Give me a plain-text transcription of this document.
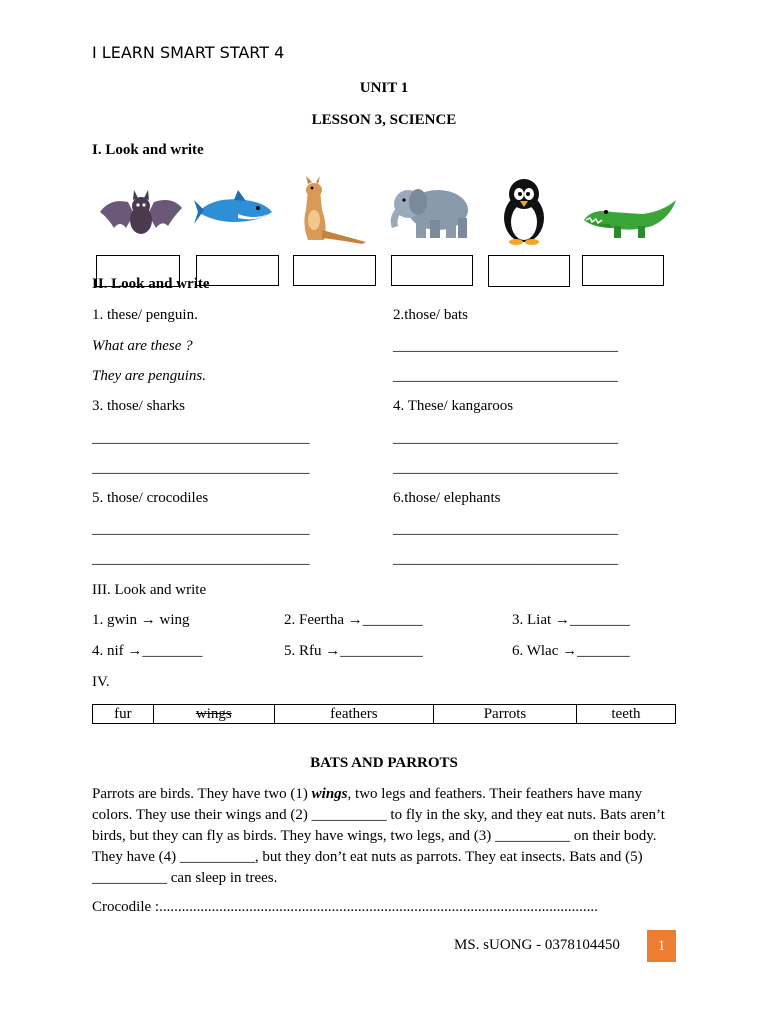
I LEARN SMART START 4
UNIT 1
LESSON 3, SCIENCE
I. Look and write
II. Look and write
1. these/ penguin.	2.those/ bats
What are these ?	______________________________
They are penguins.	______________________________
3. those/ sharks	4. These/ kangaroos
_____________________________	______________________________
_____________________________	______________________________
5. those/ crocodiles	6.those/ elephants
_____________________________	______________________________
_____________________________	______________________________
III. Look and write
1. gwin → wing	2. Feertha →________	3. Liat →________
4. nif →________	5. Rfu →___________	6. Wlac →_______
IV.
fur	wings	feathers	Parrots	teeth
BATS AND PARROTS
Parrots are birds. They have two (1) wings, two legs and feathers. Their feathers have many colors. They use their wings and (2) __________ to fly in the sky, and they eat nuts. Bats aren’t birds, but they can fly as birds. They have wings, two legs, and (3) __________ on their body. They have (4) __________, but they don’t eat nuts as parrots. They eat insects. Bats and (5) __________ can sleep in trees.
Crocodile :.....................................................................................................................
MS. sUONG - 0378104450	1
